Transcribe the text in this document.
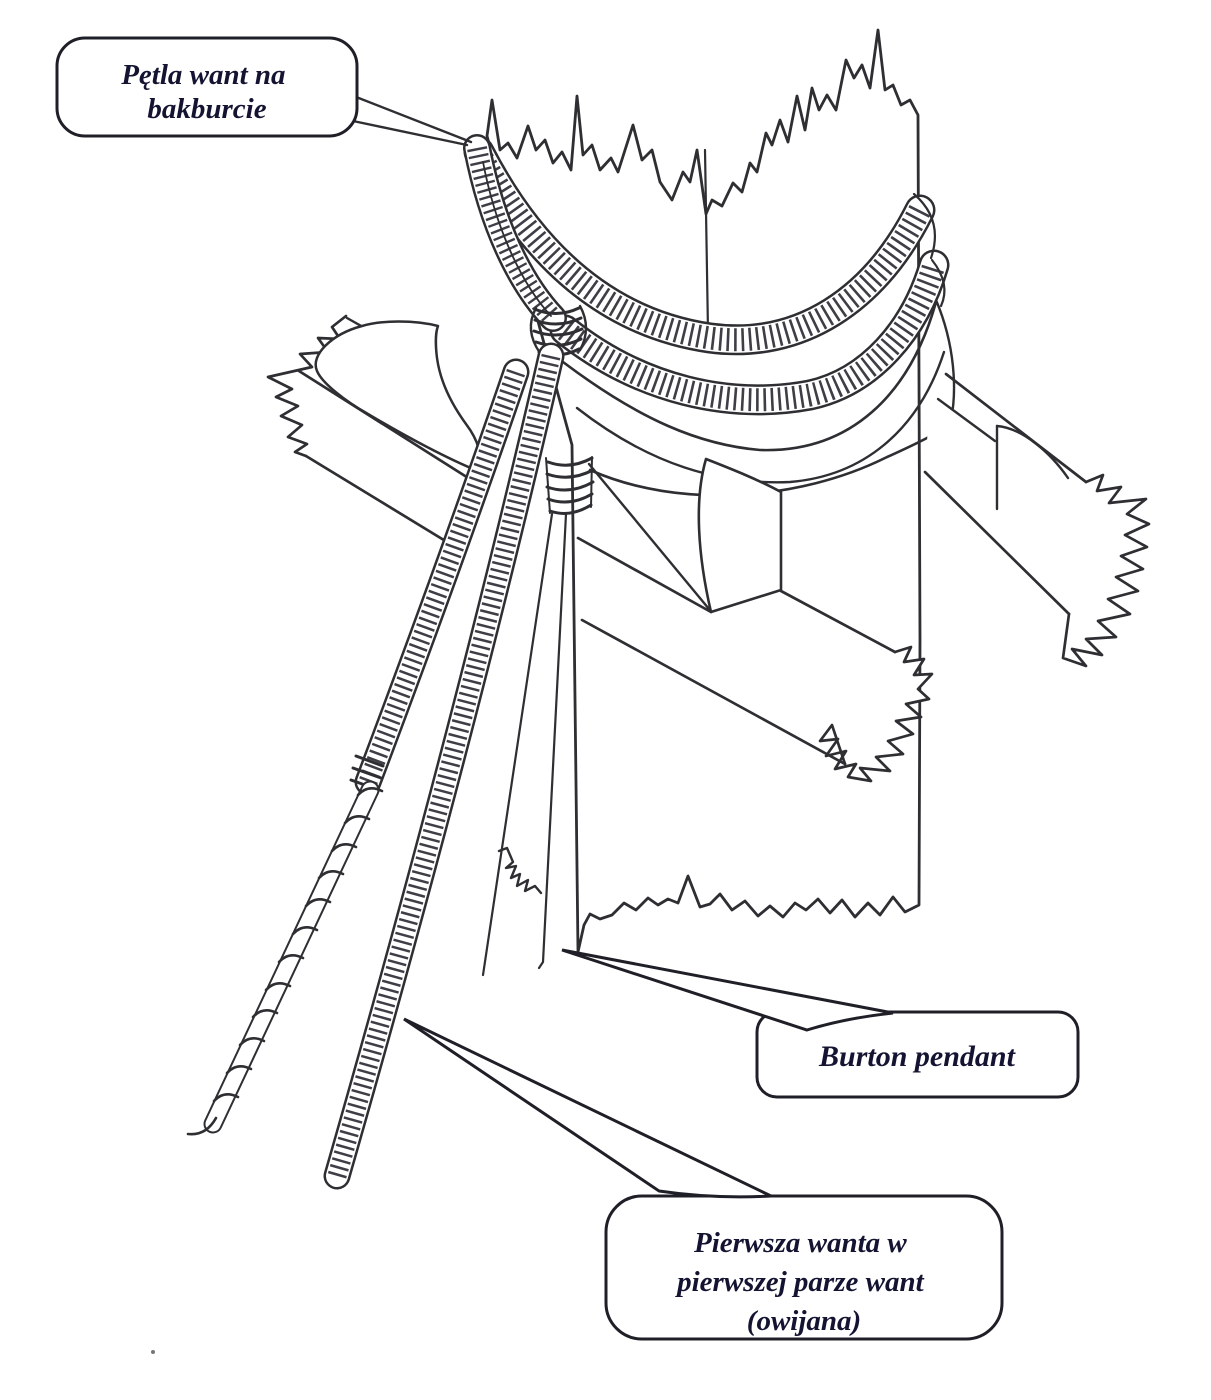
Pętla want na bakburcie
Burton pendant
Pierwsza wanta w pierwszej parze want (owijana)
